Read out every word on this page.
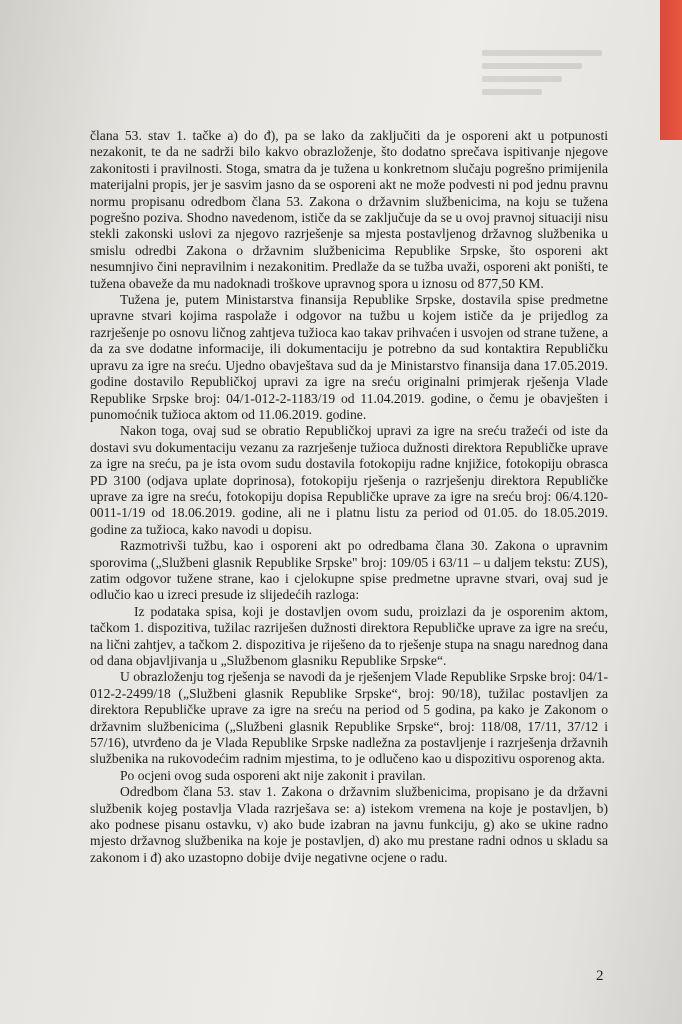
člana 53. stav 1. tačke a) do đ), pa se lako da zaključiti da je osporeni akt u potpunosti nezakonit, te da ne sadrži bilo kakvo obrazloženje, što dodatno sprečava ispitivanje njegove zakonitosti i pravilnosti. Stoga, smatra da je tužena u konkretnom slučaju pogrešno primijenila materijalni propis, jer je sasvim jasno da se osporeni akt ne može podvesti ni pod jednu pravnu normu propisanu odredbom člana 53. Zakona o državnim službenicima, na koju se tužena pogrešno poziva. Shodno navedenom, ističe da se zaključuje da se u ovoj pravnoj situaciji nisu stekli zakonski uslovi za njegovo razrješenje sa mjesta postavljenog državnog službenika u smislu odredbi Zakona o državnim službenicima Republike Srpske, što osporeni akt nesumnjivo čini nepravilnim i nezakonitim. Predlaže da se tužba uvaži, osporeni akt poništi, te tužena obaveže da mu nadoknadi troškove upravnog spora u iznosu od 877,50 KM.

Tužena je, putem Ministarstva finansija Republike Srpske, dostavila spise predmetne upravne stvari kojima raspolaže i odgovor na tužbu u kojem ističe da je prijedlog za razrješenje po osnovu ličnog zahtjeva tužioca kao takav prihvaćen i usvojen od strane tužene, a da za sve dodatne informacije, ili dokumentaciju je potrebno da sud kontaktira Republičku upravu za igre na sreću. Ujedno obavještava sud da je Ministarstvo finansija dana 17.05.2019. godine dostavilo Republičkoj upravi za igre na sreću originalni primjerak rješenja Vlade Republike Srpske broj: 04/1-012-2-1183/19 od 11.04.2019. godine, o čemu je obavješten i punomoćnik tužioca aktom od 11.06.2019. godine.

Nakon toga, ovaj sud se obratio Republičkoj upravi za igre na sreću tražeći od iste da dostavi svu dokumentaciju vezanu za razrješenje tužioca dužnosti direktora Republičke uprave za igre na sreću, pa je ista ovom sudu dostavila fotokopiju radne knjižice, fotokopiju obrasca PD 3100 (odjava uplate doprinosa), fotokopiju rješenja o razrješenju direktora Republičke uprave za igre na sreću, fotokopiju dopisa Republičke uprave za igre na sreću broj: 06/4.120-0011-1/19 od 18.06.2019. godine, ali ne i platnu listu za period od 01.05. do 18.05.2019. godine za tužioca, kako navodi u dopisu.

Razmotrivši tužbu, kao i osporeni akt po odredbama člana 30. Zakona o upravnim sporovima („Službeni glasnik Republike Srpske" broj: 109/05 i 63/11 – u daljem tekstu: ZUS), zatim odgovor tužene strane, kao i cjelokupne spise predmetne upravne stvari, ovaj sud je odlučio kao u izreci presude iz slijedećih razloga:

Iz podataka spisa, koji je dostavljen ovom sudu, proizlazi da je osporenim aktom, tačkom 1. dispozitiva, tužilac razriješen dužnosti direktora Republičke uprave za igre na sreću, na lični zahtjev, a tačkom 2. dispozitiva je riješeno da to rješenje stupa na snagu narednog dana od dana objavljivanja u „Službenom glasniku Republike Srpske“.

U obrazloženju tog rješenja se navodi da je rješenjem Vlade Republike Srpske broj: 04/1-012-2-2499/18 („Službeni glasnik Republike Srpske“, broj: 90/18), tužilac postavljen za direktora Republičke uprave za igre na sreću na period od 5 godina, pa kako je Zakonom o državnim službenicima („Službeni glasnik Republike Srpske“, broj: 118/08, 17/11, 37/12 i 57/16), utvrđeno da je Vlada Republike Srpske nadležna za postavljenje i razrješenja državnih službenika na rukovodećim radnim mjestima, to je odlučeno kao u dispozitivu osporenog akta.

Po ocjeni ovog suda osporeni akt nije zakonit i pravilan.

Odredbom člana 53. stav 1. Zakona o državnim službenicima, propisano je da državni službenik kojeg postavlja Vlada razrješava se: a) istekom vremena na koje je postavljen, b) ako podnese pisanu ostavku, v) ako bude izabran na javnu funkciju, g) ako se ukine radno mjesto državnog službenika na koje je postavljen, d) ako mu prestane radni odnos u skladu sa zakonom i đ) ako uzastopno dobije dvije negativne ocjene o radu.

2
